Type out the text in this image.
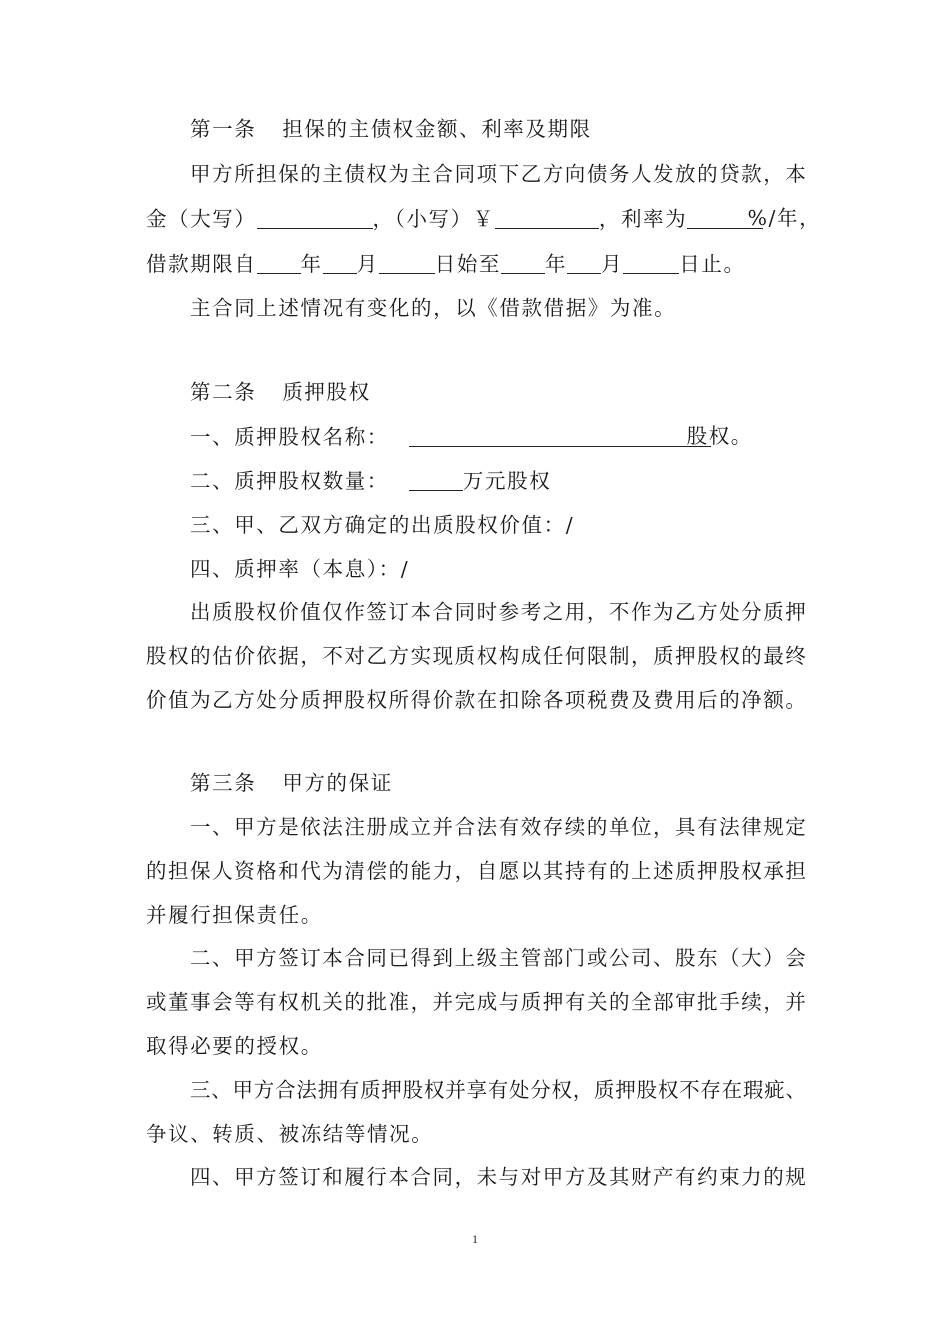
第一条 担保的主债权金额、利率及期限
甲 方 所 担 保 的 主 债 权 为 主 合 同 项 下 乙 方 向 债 务 人 发 放 的 贷 款 ， 本
金（大写）	，（小写）￥	，利率为	%/年，
借款期限自 年 月	日始至 年 月	日止。
主合同上述情况有变化的，以《借款借据》为准。
第二条 质押股权
一、质押股权名称：	股权。
二、质押股权数量：	万元股权
三、甲、乙双方确定的出质股权价值：/
四、质押率（本息）：/
出 质 股 权 价 值 仅 作 签 订 本 合 同 时 参 考 之 用 ， 不 作 为 乙 方 处 分 质 押
股 权 的 估 价 依 据 ， 不 对 乙 方 实 现 质 权 构 成 任 何 限 制 ， 质 押 股 权 的 最 终
价 值 为 乙 方 处 分 质 押 股 权 所 得 价 款 在 扣 除 各 项 税 费 及 费 用 后 的 净 额 。
第三条 甲方的保证
一 、 甲 方 是 依 法 注 册 成 立 并 合 法 有 效 存 续 的 单 位 ， 具 有 法 律 规 定
的 担 保 人 资 格 和 代 为 清 偿 的 能 力 ， 自 愿 以 其 持 有 的 上 述 质 押 股 权 承 担
并履行担保责任。
二 、 甲 方 签 订 本 合 同 已 得 到 上 级 主 管 部 门 或 公 司 、 股 东 （ 大 ） 会
或 董 事 会 等 有 权 机 关 的 批 准 ， 并 完 成 与 质 押 有 关 的 全 部 审 批 手 续 ， 并
取得必要的授权。
三 、 甲 方 合 法 拥 有 质 押 股 权 并 享 有 处 分 权 ， 质 押 股 权 不 存 在 瑕 疵 、
争议、转质、被冻结等情况。
四 、 甲 方 签 订 和 履 行 本 合 同 ， 未 与 对 甲 方 及 其 财 产 有 约 束 力 的 规
1
